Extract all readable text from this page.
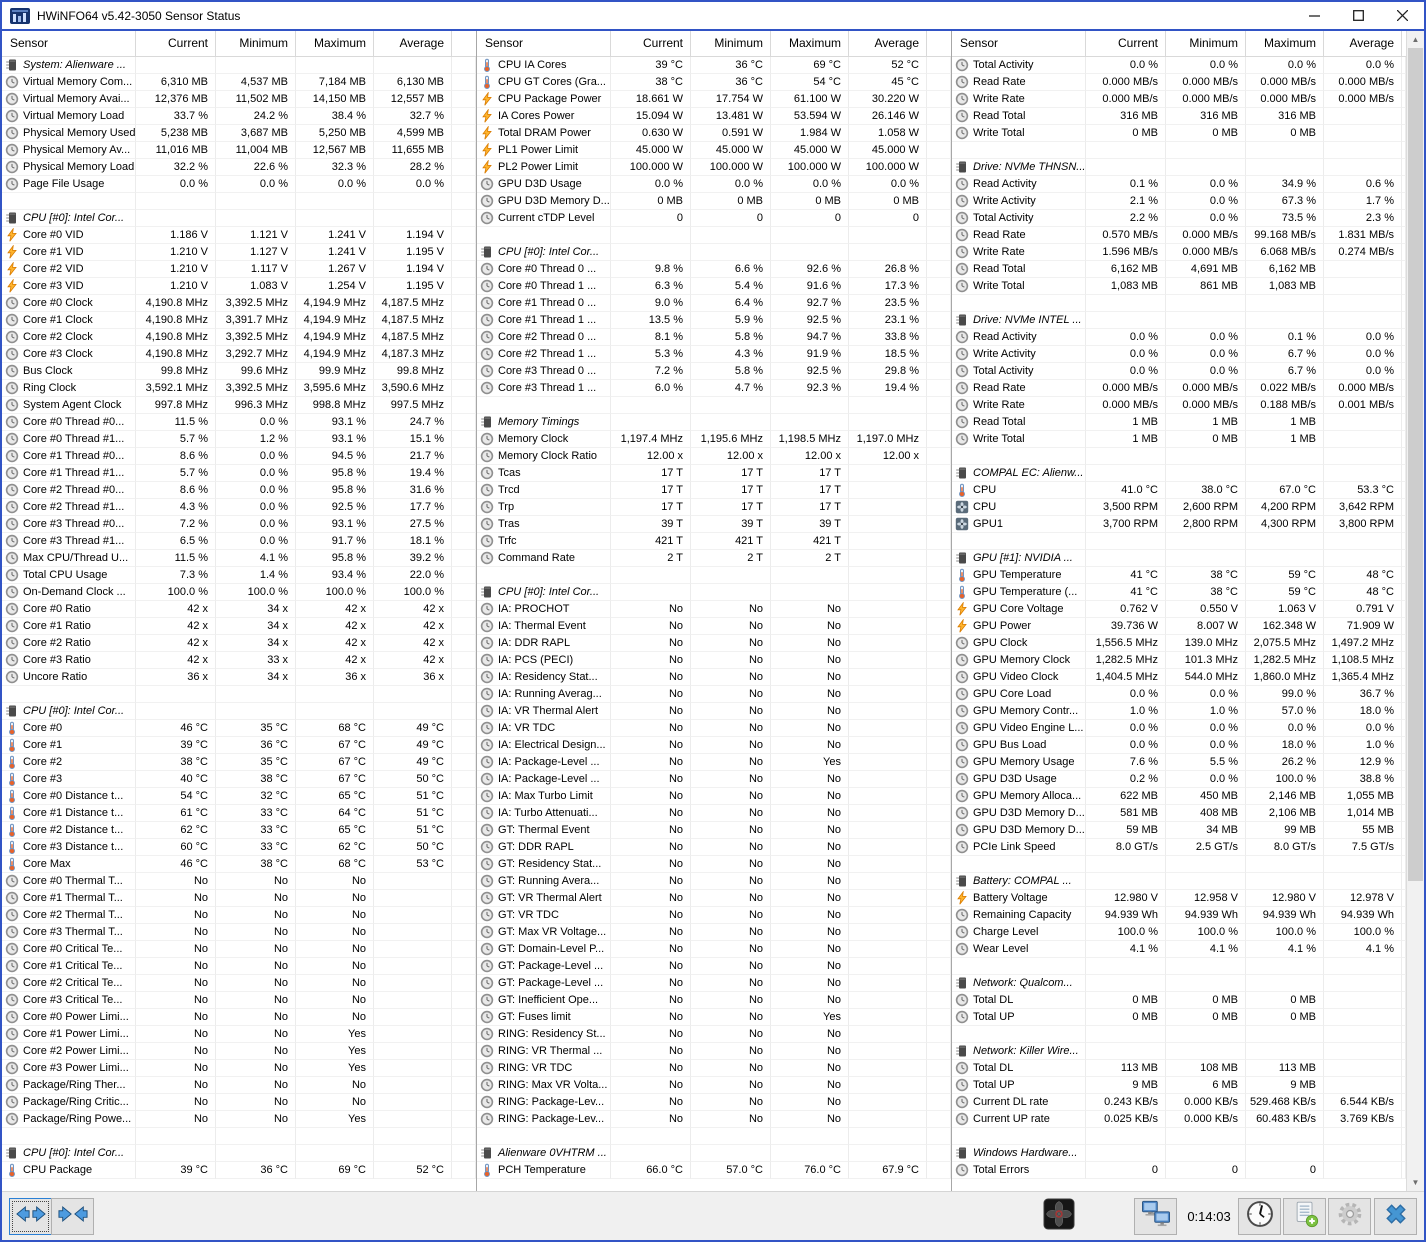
HWiNFO64 v5.42-3050 Sensor Status
Sensor	Current	Minimum	Maximum	Average
System: Alienware ...
Virtual Memory Com...	6,310 MB	4,537 MB	7,184 MB	6,130 MB
Virtual Memory Avai...	12,376 MB	11,502 MB	14,150 MB	12,557 MB
Virtual Memory Load	33.7 %	24.2 %	38.4 %	32.7 %
Physical Memory Used	5,238 MB	3,687 MB	5,250 MB	4,599 MB
Physical Memory Av...	11,016 MB	11,004 MB	12,567 MB	11,655 MB
Physical Memory Load	32.2 %	22.6 %	32.3 %	28.2 %
Page File Usage	0.0 %	0.0 %	0.0 %	0.0 %
CPU [#0]: Intel Cor...
Core #0 VID	1.186 V	1.121 V	1.241 V	1.194 V
Core #1 VID	1.210 V	1.127 V	1.241 V	1.195 V
Core #2 VID	1.210 V	1.117 V	1.267 V	1.194 V
Core #3 VID	1.210 V	1.083 V	1.254 V	1.195 V
Core #0 Clock	4,190.8 MHz	3,392.5 MHz	4,194.9 MHz	4,187.5 MHz
Core #1 Clock	4,190.8 MHz	3,391.7 MHz	4,194.9 MHz	4,187.5 MHz
Core #2 Clock	4,190.8 MHz	3,392.5 MHz	4,194.9 MHz	4,187.5 MHz
Core #3 Clock	4,190.8 MHz	3,292.7 MHz	4,194.9 MHz	4,187.3 MHz
Bus Clock	99.8 MHz	99.6 MHz	99.9 MHz	99.8 MHz
Ring Clock	3,592.1 MHz	3,392.5 MHz	3,595.6 MHz	3,590.6 MHz
System Agent Clock	997.8 MHz	996.3 MHz	998.8 MHz	997.5 MHz
Core #0 Thread #0...	11.5 %	0.0 %	93.1 %	24.7 %
Core #0 Thread #1...	5.7 %	1.2 %	93.1 %	15.1 %
Core #1 Thread #0...	8.6 %	0.0 %	94.5 %	21.7 %
Core #1 Thread #1...	5.7 %	0.0 %	95.8 %	19.4 %
Core #2 Thread #0...	8.6 %	0.0 %	95.8 %	31.6 %
Core #2 Thread #1...	4.3 %	0.0 %	92.5 %	17.7 %
Core #3 Thread #0...	7.2 %	0.0 %	93.1 %	27.5 %
Core #3 Thread #1...	6.5 %	0.0 %	91.7 %	18.1 %
Max CPU/Thread U...	11.5 %	4.1 %	95.8 %	39.2 %
Total CPU Usage	7.3 %	1.4 %	93.4 %	22.0 %
On-Demand Clock ...	100.0 %	100.0 %	100.0 %	100.0 %
Core #0 Ratio	42 x	34 x	42 x	42 x
Core #1 Ratio	42 x	34 x	42 x	42 x
Core #2 Ratio	42 x	34 x	42 x	42 x
Core #3 Ratio	42 x	33 x	42 x	42 x
Uncore Ratio	36 x	34 x	36 x	36 x
CPU [#0]: Intel Cor...
Core #0	46 °C	35 °C	68 °C	49 °C
Core #1	39 °C	36 °C	67 °C	49 °C
Core #2	38 °C	35 °C	67 °C	49 °C
Core #3	40 °C	38 °C	67 °C	50 °C
Core #0 Distance t...	54 °C	32 °C	65 °C	51 °C
Core #1 Distance t...	61 °C	33 °C	64 °C	51 °C
Core #2 Distance t...	62 °C	33 °C	65 °C	51 °C
Core #3 Distance t...	60 °C	33 °C	62 °C	50 °C
Core Max	46 °C	38 °C	68 °C	53 °C
Core #0 Thermal T...	No	No	No
Core #1 Thermal T...	No	No	No
Core #2 Thermal T...	No	No	No
Core #3 Thermal T...	No	No	No
Core #0 Critical Te...	No	No	No
Core #1 Critical Te...	No	No	No
Core #2 Critical Te...	No	No	No
Core #3 Critical Te...	No	No	No
Core #0 Power Limi...	No	No	No
Core #1 Power Limi...	No	No	Yes
Core #2 Power Limi...	No	No	Yes
Core #3 Power Limi...	No	No	Yes
Package/Ring Ther...	No	No	No
Package/Ring Critic...	No	No	No
Package/Ring Powe...	No	No	Yes
CPU [#0]: Intel Cor...
CPU Package	39 °C	36 °C	69 °C	52 °C
Sensor	Current	Minimum	Maximum	Average
CPU IA Cores	39 °C	36 °C	69 °C	52 °C
CPU GT Cores (Gra...	38 °C	36 °C	54 °C	45 °C
CPU Package Power	18.661 W	17.754 W	61.100 W	30.220 W
IA Cores Power	15.094 W	13.481 W	53.594 W	26.146 W
Total DRAM Power	0.630 W	0.591 W	1.984 W	1.058 W
PL1 Power Limit	45.000 W	45.000 W	45.000 W	45.000 W
PL2 Power Limit	100.000 W	100.000 W	100.000 W	100.000 W
GPU D3D Usage	0.0 %	0.0 %	0.0 %	0.0 %
GPU D3D Memory D...	0 MB	0 MB	0 MB	0 MB
Current cTDP Level	0	0	0	0
CPU [#0]: Intel Cor...
Core #0 Thread 0 ...	9.8 %	6.6 %	92.6 %	26.8 %
Core #0 Thread 1 ...	6.3 %	5.4 %	91.6 %	17.3 %
Core #1 Thread 0 ...	9.0 %	6.4 %	92.7 %	23.5 %
Core #1 Thread 1 ...	13.5 %	5.9 %	92.5 %	23.1 %
Core #2 Thread 0 ...	8.1 %	5.8 %	94.7 %	33.8 %
Core #2 Thread 1 ...	5.3 %	4.3 %	91.9 %	18.5 %
Core #3 Thread 0 ...	7.2 %	5.8 %	92.5 %	29.8 %
Core #3 Thread 1 ...	6.0 %	4.7 %	92.3 %	19.4 %
Memory Timings
Memory Clock	1,197.4 MHz	1,195.6 MHz	1,198.5 MHz	1,197.0 MHz
Memory Clock Ratio	12.00 x	12.00 x	12.00 x	12.00 x
Tcas	17 T	17 T	17 T
Trcd	17 T	17 T	17 T
Trp	17 T	17 T	17 T
Tras	39 T	39 T	39 T
Trfc	421 T	421 T	421 T
Command Rate	2 T	2 T	2 T
CPU [#0]: Intel Cor...
IA: PROCHOT	No	No	No
IA: Thermal Event	No	No	No
IA: DDR RAPL	No	No	No
IA: PCS (PECI)	No	No	No
IA: Residency Stat...	No	No	No
IA: Running Averag...	No	No	No
IA: VR Thermal Alert	No	No	No
IA: VR TDC	No	No	No
IA: Electrical Design...	No	No	No
IA: Package-Level ...	No	No	Yes
IA: Package-Level ...	No	No	No
IA: Max Turbo Limit	No	No	No
IA: Turbo Attenuati...	No	No	No
GT: Thermal Event	No	No	No
GT: DDR RAPL	No	No	No
GT: Residency Stat...	No	No	No
GT: Running Avera...	No	No	No
GT: VR Thermal Alert	No	No	No
GT: VR TDC	No	No	No
GT: Max VR Voltage...	No	No	No
GT: Domain-Level P...	No	No	No
GT: Package-Level ...	No	No	No
GT: Package-Level ...	No	No	No
GT: Inefficient Ope...	No	No	No
GT: Fuses limit	No	No	Yes
RING: Residency St...	No	No	No
RING: VR Thermal ...	No	No	No
RING: VR TDC	No	No	No
RING: Max VR Volta...	No	No	No
RING: Package-Lev...	No	No	No
RING: Package-Lev...	No	No	No
Alienware 0VHTRM ...
PCH Temperature	66.0 °C	57.0 °C	76.0 °C	67.9 °C
Sensor	Current	Minimum	Maximum	Average
Total Activity	0.0 %	0.0 %	0.0 %	0.0 %
Read Rate	0.000 MB/s	0.000 MB/s	0.000 MB/s	0.000 MB/s
Write Rate	0.000 MB/s	0.000 MB/s	0.000 MB/s	0.000 MB/s
Read Total	316 MB	316 MB	316 MB
Write Total	0 MB	0 MB	0 MB
Drive: NVMe THNSN...
Read Activity	0.1 %	0.0 %	34.9 %	0.6 %
Write Activity	2.1 %	0.0 %	67.3 %	1.7 %
Total Activity	2.2 %	0.0 %	73.5 %	2.3 %
Read Rate	0.570 MB/s	0.000 MB/s	99.168 MB/s	1.831 MB/s
Write Rate	1.596 MB/s	0.000 MB/s	6.068 MB/s	0.274 MB/s
Read Total	6,162 MB	4,691 MB	6,162 MB
Write Total	1,083 MB	861 MB	1,083 MB
Drive: NVMe INTEL ...
Read Activity	0.0 %	0.0 %	0.1 %	0.0 %
Write Activity	0.0 %	0.0 %	6.7 %	0.0 %
Total Activity	0.0 %	0.0 %	6.7 %	0.0 %
Read Rate	0.000 MB/s	0.000 MB/s	0.022 MB/s	0.000 MB/s
Write Rate	0.000 MB/s	0.000 MB/s	0.188 MB/s	0.001 MB/s
Read Total	1 MB	1 MB	1 MB
Write Total	1 MB	0 MB	1 MB
COMPAL EC: Alienw...
CPU	41.0 °C	38.0 °C	67.0 °C	53.3 °C
CPU	3,500 RPM	2,600 RPM	4,200 RPM	3,642 RPM
GPU1	3,700 RPM	2,800 RPM	4,300 RPM	3,800 RPM
GPU [#1]: NVIDIA ...
GPU Temperature	41 °C	38 °C	59 °C	48 °C
GPU Temperature (...	41 °C	38 °C	59 °C	48 °C
GPU Core Voltage	0.762 V	0.550 V	1.063 V	0.791 V
GPU Power	39.736 W	8.007 W	162.348 W	71.909 W
GPU Clock	1,556.5 MHz	139.0 MHz	2,075.5 MHz	1,497.2 MHz
GPU Memory Clock	1,282.5 MHz	101.3 MHz	1,282.5 MHz	1,108.5 MHz
GPU Video Clock	1,404.5 MHz	544.0 MHz	1,860.0 MHz	1,365.4 MHz
GPU Core Load	0.0 %	0.0 %	99.0 %	36.7 %
GPU Memory Contr...	1.0 %	1.0 %	57.0 %	18.0 %
GPU Video Engine L...	0.0 %	0.0 %	0.0 %	0.0 %
GPU Bus Load	0.0 %	0.0 %	18.0 %	1.0 %
GPU Memory Usage	7.6 %	5.5 %	26.2 %	12.9 %
GPU D3D Usage	0.2 %	0.0 %	100.0 %	38.8 %
GPU Memory Alloca...	622 MB	450 MB	2,146 MB	1,055 MB
GPU D3D Memory D...	581 MB	408 MB	2,106 MB	1,014 MB
GPU D3D Memory D...	59 MB	34 MB	99 MB	55 MB
PCIe Link Speed	8.0 GT/s	2.5 GT/s	8.0 GT/s	7.5 GT/s
Battery: COMPAL ...
Battery Voltage	12.980 V	12.958 V	12.980 V	12.978 V
Remaining Capacity	94.939 Wh	94.939 Wh	94.939 Wh	94.939 Wh
Charge Level	100.0 %	100.0 %	100.0 %	100.0 %
Wear Level	4.1 %	4.1 %	4.1 %	4.1 %
Network: Qualcom...
Total DL	0 MB	0 MB	0 MB
Total UP	0 MB	0 MB	0 MB
Network: Killer Wire...
Total DL	113 MB	108 MB	113 MB
Total UP	9 MB	6 MB	9 MB
Current DL rate	0.243 KB/s	0.000 KB/s	529.468 KB/s	6.544 KB/s
Current UP rate	0.025 KB/s	0.000 KB/s	60.483 KB/s	3.769 KB/s
Windows Hardware...
Total Errors	0	0	0
▲
▼
0:14:03
